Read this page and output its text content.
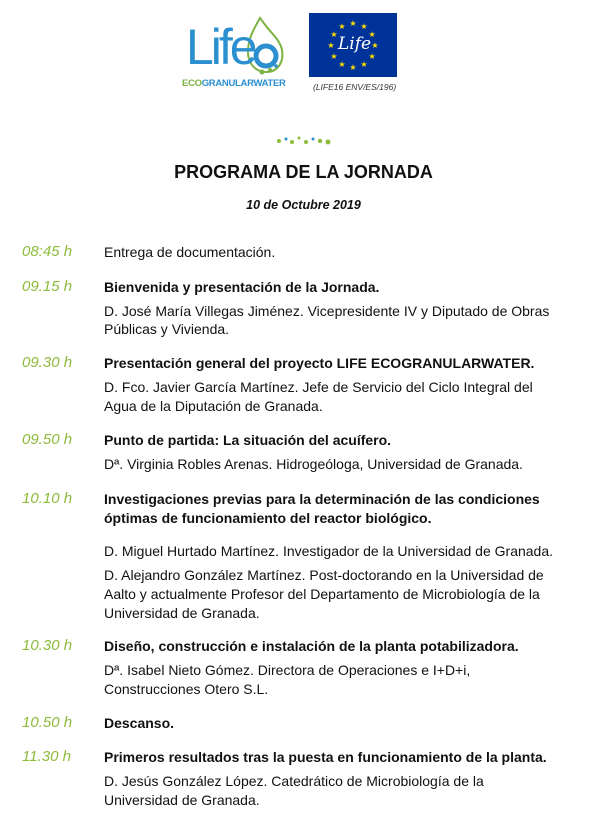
Life
ECOGRANULARWATER
★
★
★
★
★
★
★
★
★ ★ ★
★
Life
(LIFE16 ENV/ES/196)
PROGRAMA DE LA JORNADA
10 de Octubre 2019
08:45 h Entrega de documentación.
09.15 h Bienvenida y presentación de la Jornada.
D. José María Villegas Jiménez. Vicepresidente IV y Diputado de Obras
Públicas y Vivienda.
09.30 h Presentación general del proyecto LIFE ECOGRANULARWATER.
D. Fco. Javier García Martínez. Jefe de Servicio del Ciclo Integral del
Agua de la Diputación de Granada.
09.50 h Punto de partida: La situación del acuífero.
Dª. Virginia Robles Arenas. Hidrogeóloga, Universidad de Granada.
10.10 h Investigaciones previas para la determinación de las condiciones
óptimas de funcionamiento del reactor biológico.
D. Miguel Hurtado Martínez. Investigador de la Universidad de Granada.
D. Alejandro González Martínez. Post-doctorando en la Universidad de
Aalto y actualmente Profesor del Departamento de Microbiología de la
Universidad de Granada.
10.30 h Diseño, construcción e instalación de la planta potabilizadora.
Dª. Isabel Nieto Gómez. Directora de Operaciones e I+D+i,
Construcciones Otero S.L.
10.50 h Descanso.
11.30 h Primeros resultados tras la puesta en funcionamiento de la planta.
D. Jesús González López. Catedrático de Microbiología de la
Universidad de Granada.
